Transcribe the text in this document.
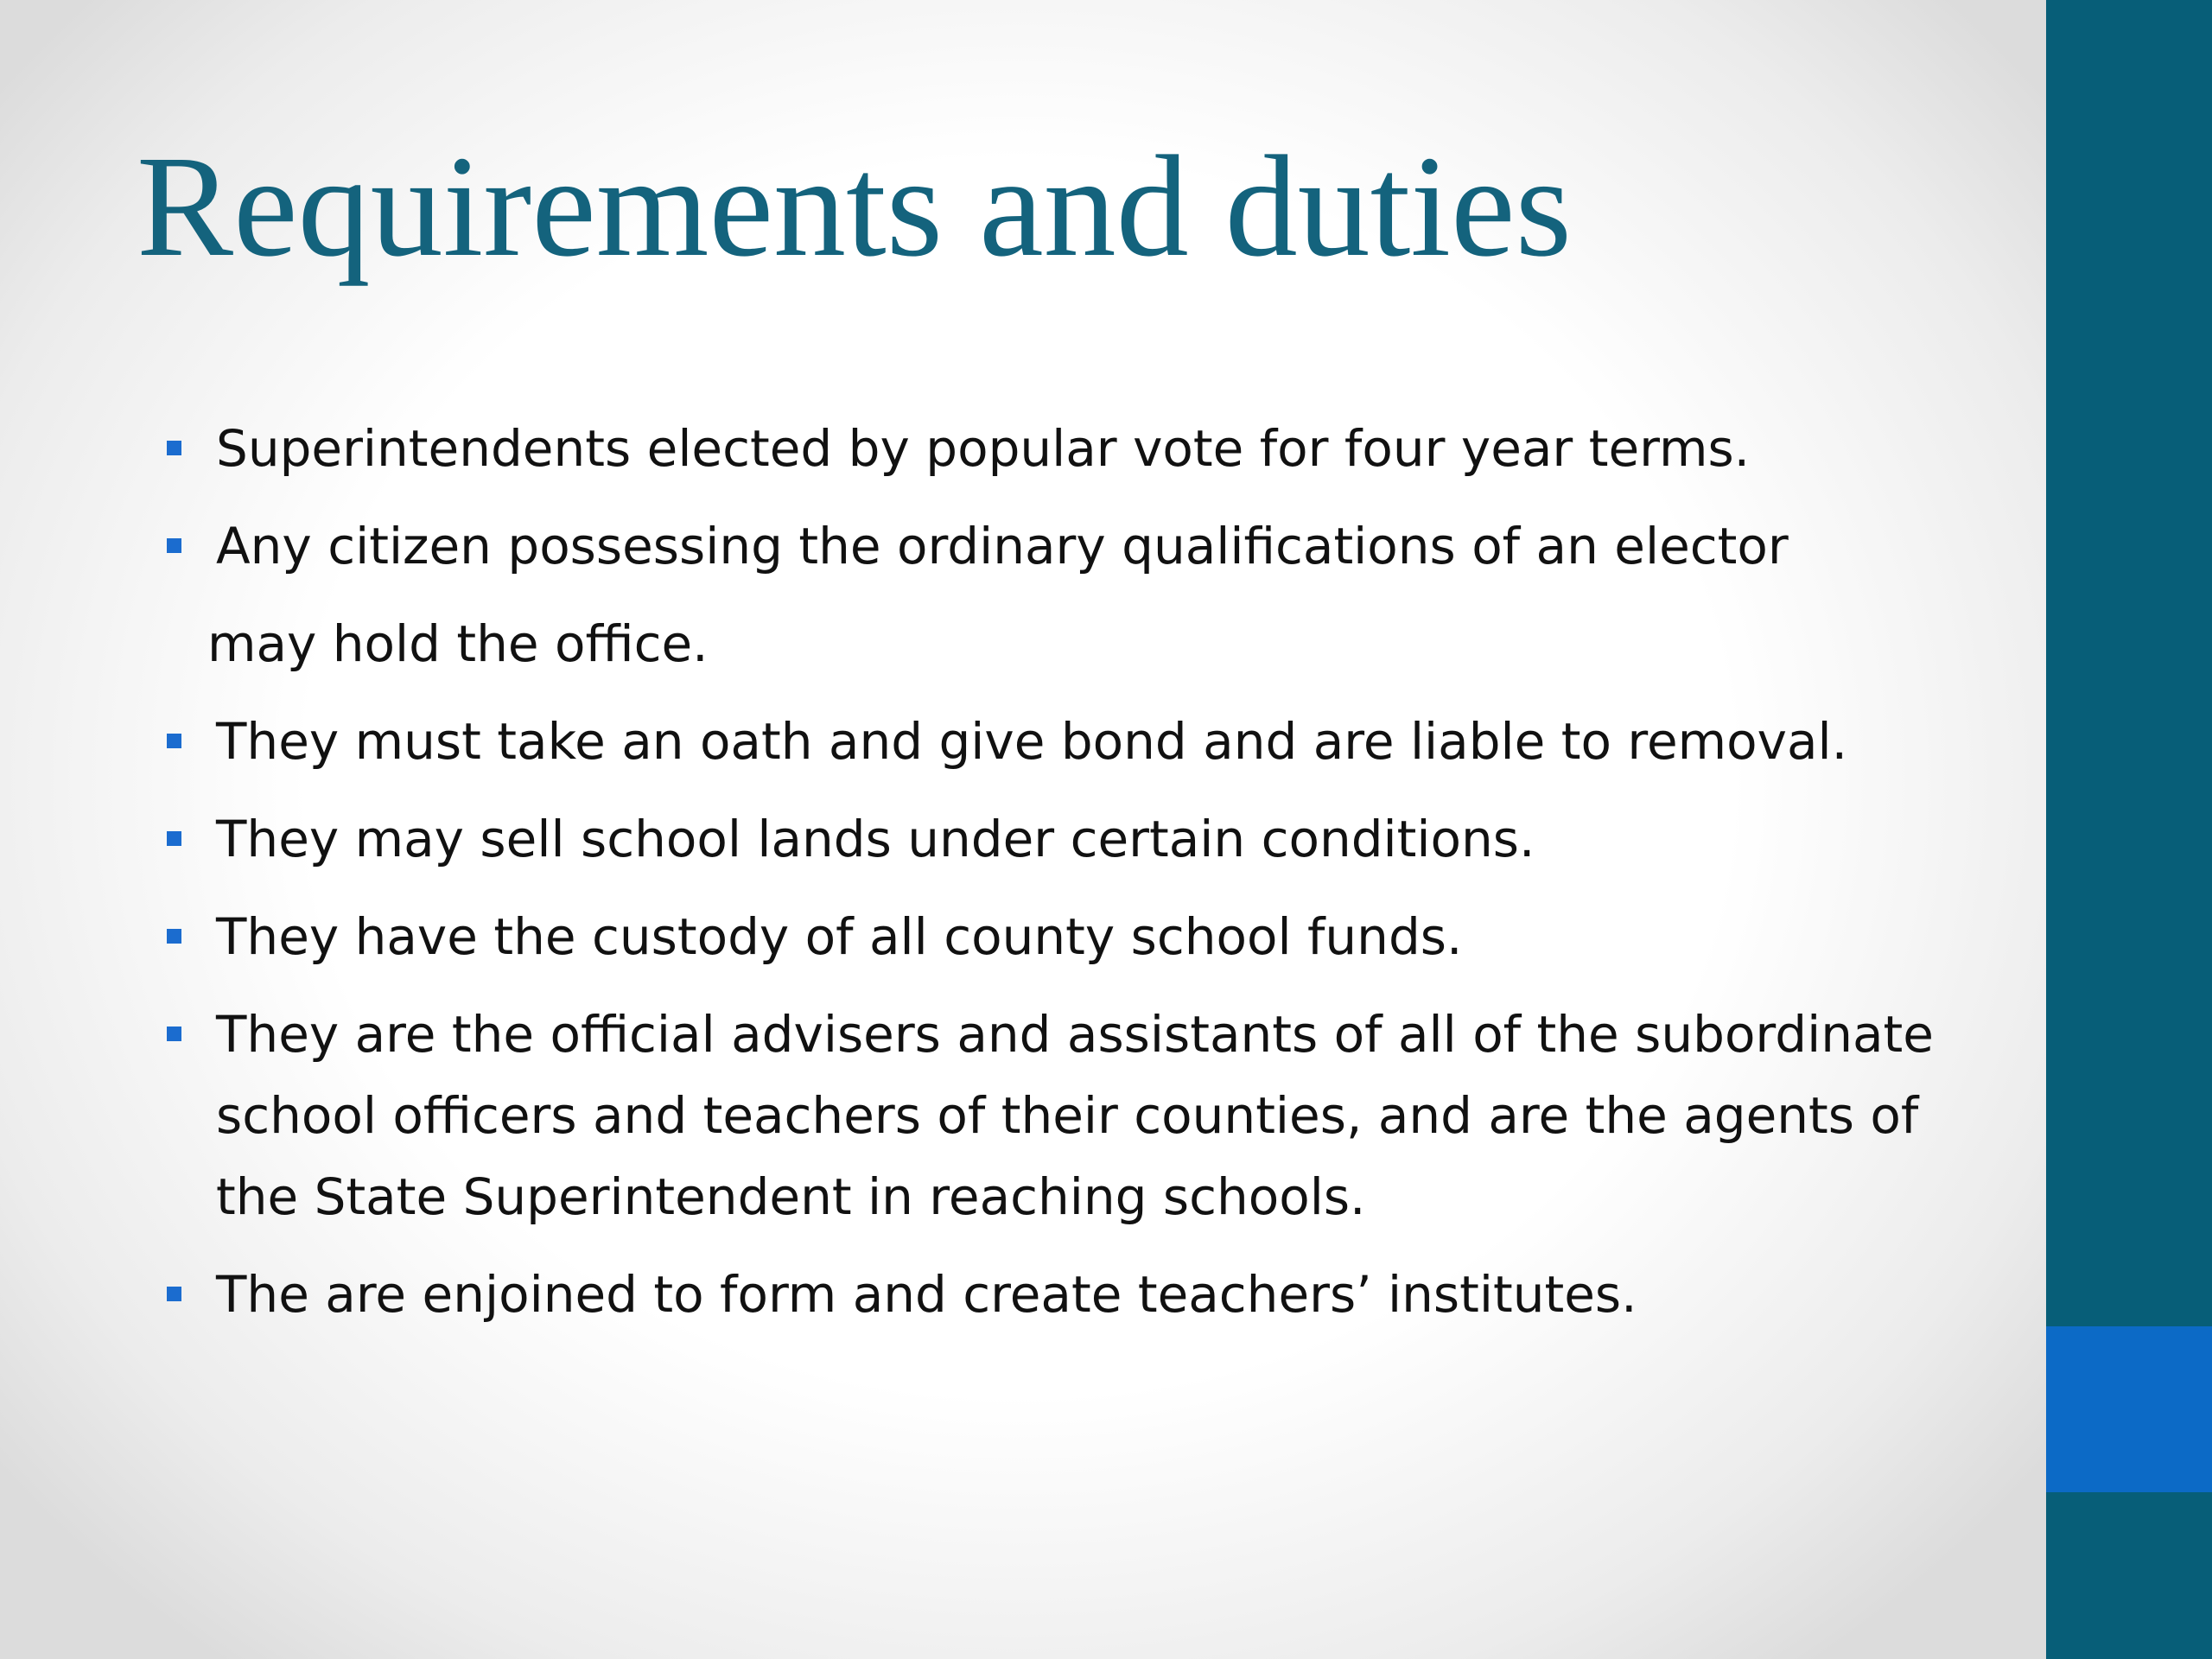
Requirements and duties
Superintendents elected by popular vote for four year terms.
Any citizen possessing the ordinary qualifications of an elector
may hold the office.
They must take an oath and give bond and are liable to removal.
They may sell school lands under certain conditions.
They have the custody of all county school funds.
They are the official advisers and assistants of all of the subordinate school officers and teachers of their counties, and are the agents of the State Superintendent in reaching schools.
The are enjoined to form and create teachers’ institutes.
